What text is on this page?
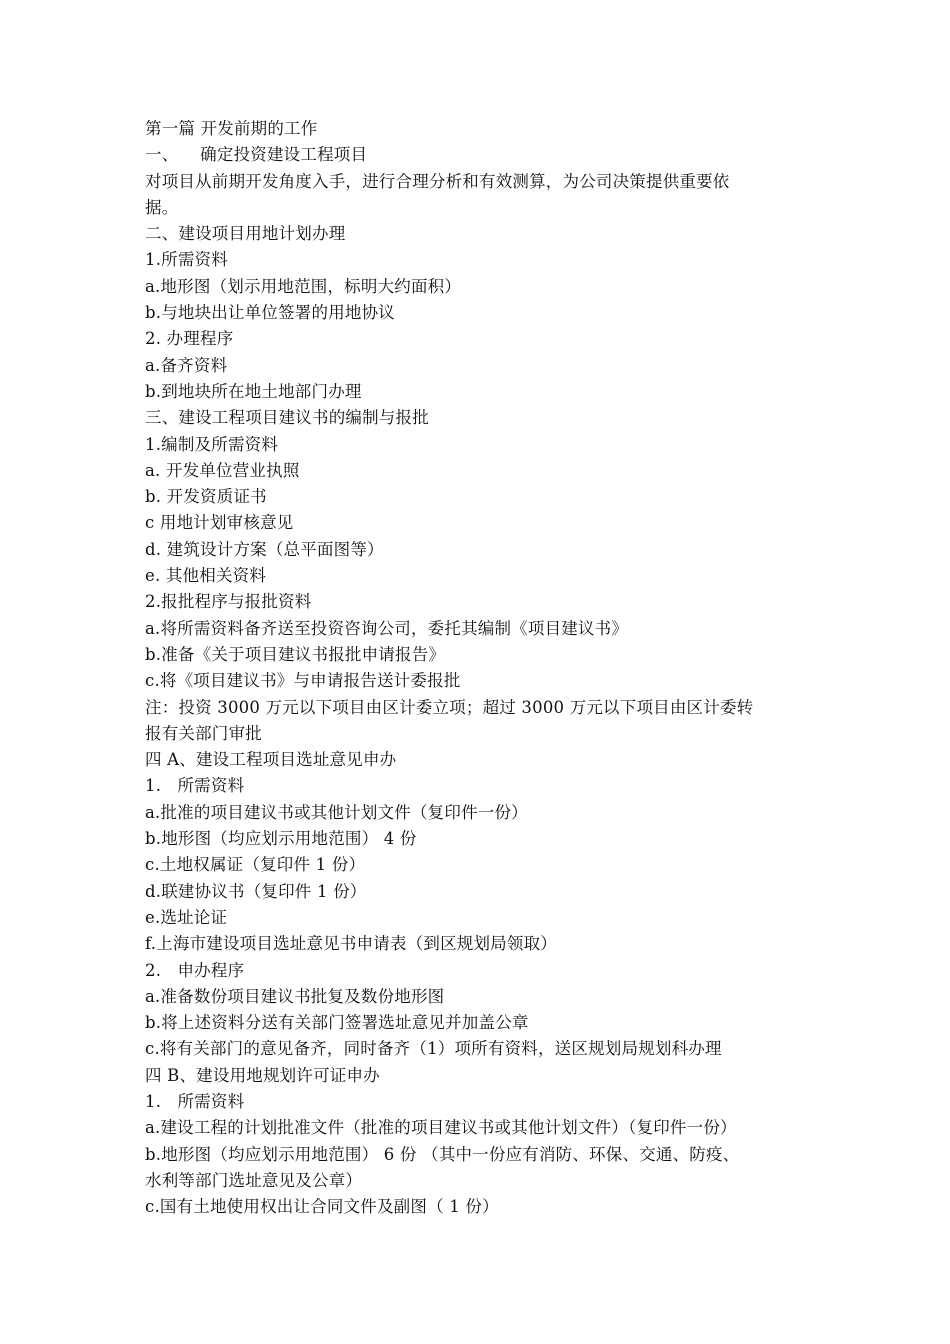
第一篇 开发前期的工作

一、    确定投资建设工程项目

对项目从前期开发角度入手，进行合理分析和有效测算，为公司决策提供重要依

据。

二、建设项目用地计划办理

1.所需资料

a.地形图（划示用地范围，标明大约面积）

b.与地块出让单位签署的用地协议

2. 办理程序

a.备齐资料

b.到地块所在地土地部门办理

三、建设工程项目建议书的编制与报批

1.编制及所需资料

a. 开发单位营业执照

b. 开发资质证书

c 用地计划审核意见

d. 建筑设计方案（总平面图等）

e. 其他相关资料

2.报批程序与报批资料

a.将所需资料备齐送至投资咨询公司，委托其编制《项目建议书》

b.准备《关于项目建议书报批申请报告》

c.将《项目建议书》与申请报告送计委报批

注：投资 3000 万元以下项目由区计委立项；超过 3000 万元以下项目由区计委转

报有关部门审批

四 A、建设工程项目选址意见申办

1.   所需资料

a.批准的项目建议书或其他计划文件（复印件一份）

b.地形图（均应划示用地范围） 4 份

c.土地权属证（复印件 1 份）

d.联建协议书（复印件 1 份）

e.选址论证

f.上海市建设项目选址意见书申请表（到区规划局领取）

2.   申办程序

a.准备数份项目建议书批复及数份地形图

b.将上述资料分送有关部门签署选址意见并加盖公章

c.将有关部门的意见备齐，同时备齐（1）项所有资料，送区规划局规划科办理

四 B、建设用地规划许可证申办

1.   所需资料

a.建设工程的计划批准文件（批准的项目建议书或其他计划文件）（复印件一份）

b.地形图（均应划示用地范围） 6 份 （其中一份应有消防、环保、交通、防疫、

水利等部门选址意见及公章）

c.国有土地使用权出让合同文件及副图（ 1 份）
